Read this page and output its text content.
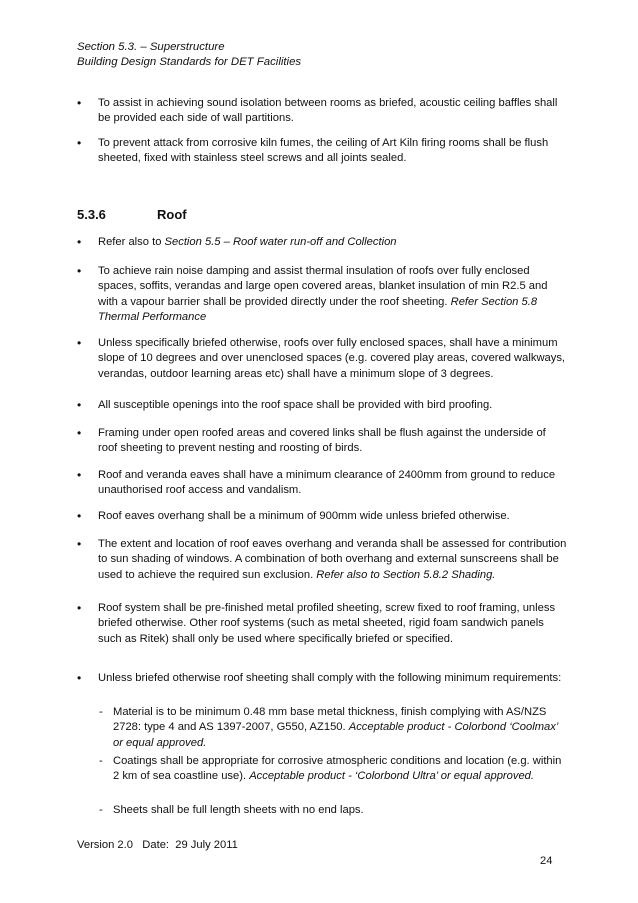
Section 5.3. – Superstructure
Building Design Standards for DET Facilities
• To assist in achieving sound isolation between rooms as briefed, acoustic ceiling baffles shall be provided each side of wall partitions.
• To prevent attack from corrosive kiln fumes, the ceiling of Art Kiln firing rooms shall be flush sheeted, fixed with stainless steel screws and all joints sealed.
5.3.6	Roof
• Refer also to Section 5.5 – Roof water run-off and Collection
• To achieve rain noise damping and assist thermal insulation of roofs over fully enclosed spaces, soffits, verandas and large open covered areas, blanket insulation of min R2.5 and with a vapour barrier shall be provided directly under the roof sheeting. Refer Section 5.8 Thermal Performance
• Unless specifically briefed otherwise, roofs over fully enclosed spaces, shall have a minimum slope of 10 degrees and over unenclosed spaces (e.g. covered play areas, covered walkways, verandas, outdoor learning areas etc) shall have a minimum slope of 3 degrees.
• All susceptible openings into the roof space shall be provided with bird proofing.
• Framing under open roofed areas and covered links shall be flush against the underside of roof sheeting to prevent nesting and roosting of birds.
• Roof and veranda eaves shall have a minimum clearance of 2400mm from ground to reduce unauthorised roof access and vandalism.
• Roof eaves overhang shall be a minimum of 900mm wide unless briefed otherwise.
• The extent and location of roof eaves overhang and veranda shall be assessed for contribution to sun shading of windows. A combination of both overhang and external sunscreens shall be used to achieve the required sun exclusion. Refer also to Section 5.8.2 Shading.
• Roof system shall be pre-finished metal profiled sheeting, screw fixed to roof framing, unless briefed otherwise. Other roof systems (such as metal sheeted, rigid foam sandwich panels such as Ritek) shall only be used where specifically briefed or specified.
• Unless briefed otherwise roof sheeting shall comply with the following minimum requirements:
- Material is to be minimum 0.48 mm base metal thickness, finish complying with AS/NZS 2728: type 4 and AS 1397-2007, G550, AZ150. Acceptable product - Colorbond ‘Coolmax’ or equal approved.
- Coatings shall be appropriate for corrosive atmospheric conditions and location (e.g. within 2 km of sea coastline use). Acceptable product - ‘Colorbond Ultra’ or equal approved.
- Sheets shall be full length sheets with no end laps.
Version 2.0   Date:  29 July 2011
24
